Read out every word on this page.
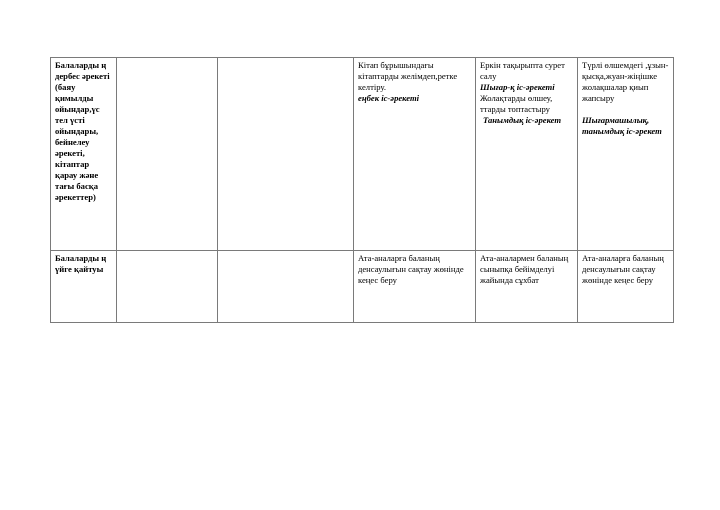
Балаларды ң дербес әрекеті (баяу қимылды ойындар,үс тел үсті ойындары, бейнелеу әрекеті, кітаптар қарау және тағы басқа әрекеттер)			Кітап бұрышындағы кітаптарды желімдеп,ретке келтіру.
еңбек іс-әрекеті	Еркін тақырыпта сурет салу
Шығар-қ іс-әрекеті
Жолақтарды өлшеу, ттарды топтастыру
Танымдық іс-әрекет	Түрлі өлшемдегі ,ұзын-қысқа,жуан-жіңішке жолақшалар қиып жапсыру
Шығармашылық, танымдық іс-әрекет

Балаларды ң үйге қайтуы			Ата-аналарға баланың денсаулығын сақтау жөнінде кеңес беру	Ата-аналармен баланың сыныпқа бейімделуі жайында сұхбат	Ата-аналарға баланың денсаулығын сақтау жөнінде кеңес беру
